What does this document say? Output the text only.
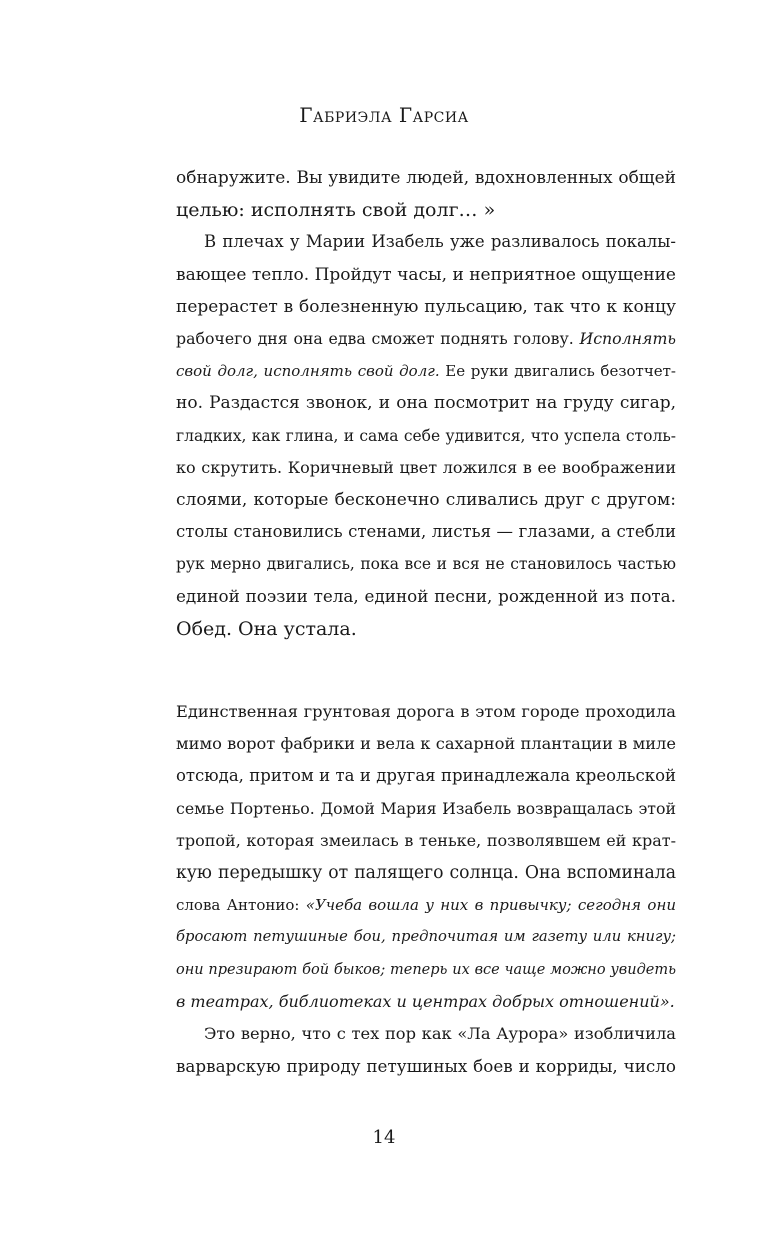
Габриэла Гарсиа
обнаружите. Вы увидите людей, вдохновленных общей
целью: исполнять свой долг… »
В плечах у Марии Изабель уже разливалось покалы-
вающее тепло. Пройдут часы, и неприятное ощущение
перерастет в болезненную пульсацию, так что к концу
рабочего дня она едва сможет поднять голову. Исполнять
свой долг, исполнять свой долг. Ее руки двигались безотчет-
но. Раздастся звонок, и она посмотрит на груду сигар,
гладких, как глина, и сама себе удивится, что успела столь-
ко скрутить. Коричневый цвет ложился в ее воображении
слоями, которые бесконечно сливались друг с другом:
столы становились стенами, листья — глазами, а стебли
рук мерно двигались, пока все и вся не становилось частью
единой поэзии тела, единой песни, рожденной из пота.
Обед. Она устала.
Единственная грунтовая дорога в этом городе проходила
мимо ворот фабрики и вела к сахарной плантации в миле
отсюда, притом и та и другая принадлежала креольской
семье Портеньо. Домой Мария Изабель возвращалась этой
тропой, которая змеилась в теньке, позволявшем ей крат-
кую передышку от палящего солнца. Она вспоминала
слова Антонио: «Учеба вошла у них в привычку; сегодня они
бросают петушиные бои, предпочитая им газету или книгу;
они презирают бой быков; теперь их все чаще можно увидеть
в театрах, библиотеках и центрах добрых отношений».
Это верно, что с тех пор как «Ла Аурора» изобличила
варварскую природу петушиных боев и корриды, число
14
